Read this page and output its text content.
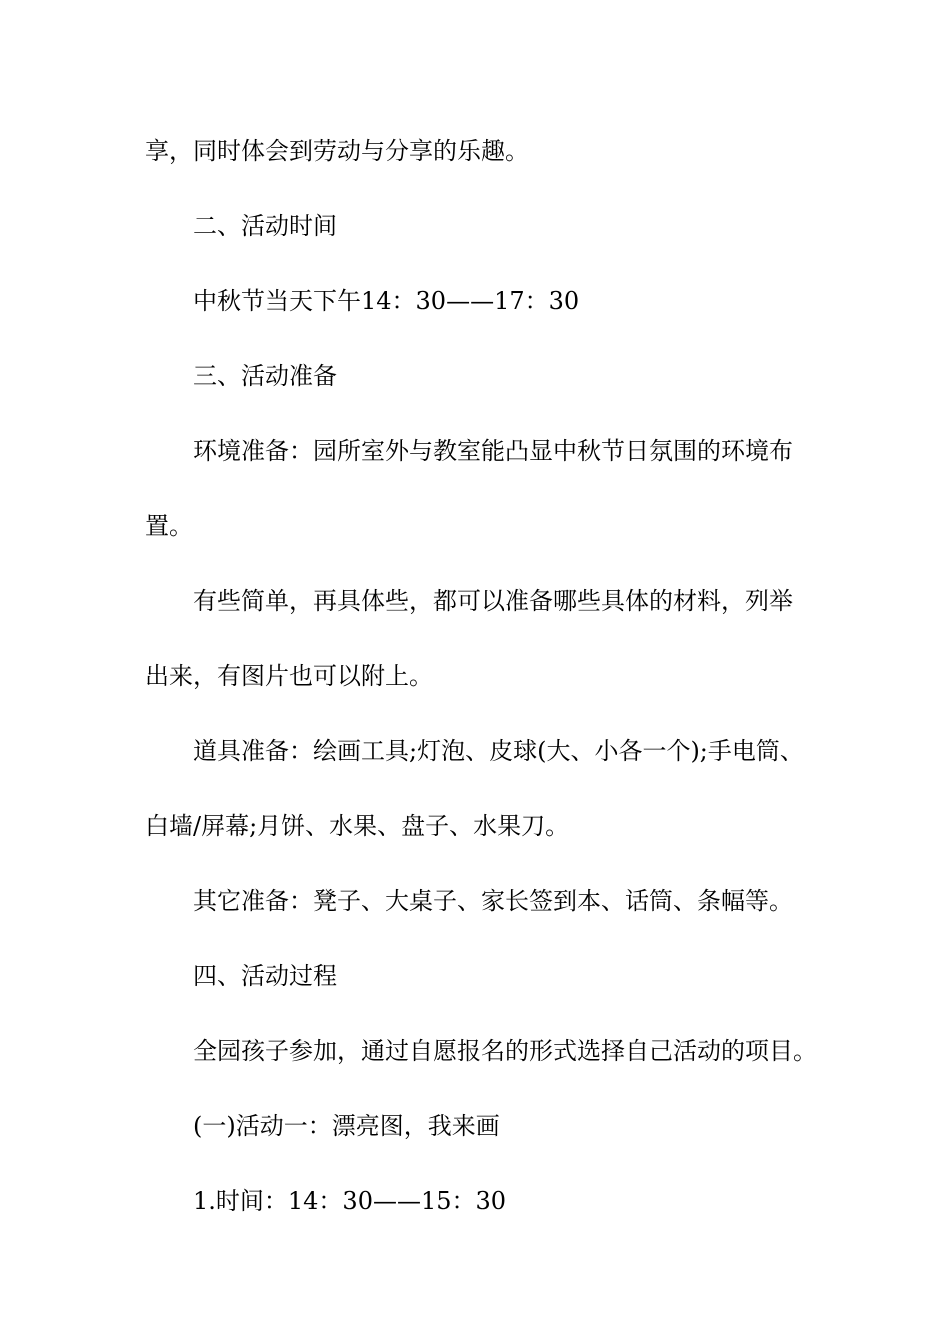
享，同时体会到劳动与分享的乐趣。

二、活动时间

中秋节当天下午14：30——17：30

三、活动准备

环境准备：园所室外与教室能凸显中秋节日氛围的环境布

置。

有些简单，再具体些，都可以准备哪些具体的材料，列举

出来，有图片也可以附上。

道具准备：绘画工具;灯泡、皮球(大、小各一个);手电筒、

白墙/屏幕;月饼、水果、盘子、水果刀。

其它准备：凳子、大桌子、家长签到本、话筒、条幅等。

四、活动过程

全园孩子参加，通过自愿报名的形式选择自己活动的项目。

(一)活动一：漂亮图，我来画

1.时间：14：30——15：30
